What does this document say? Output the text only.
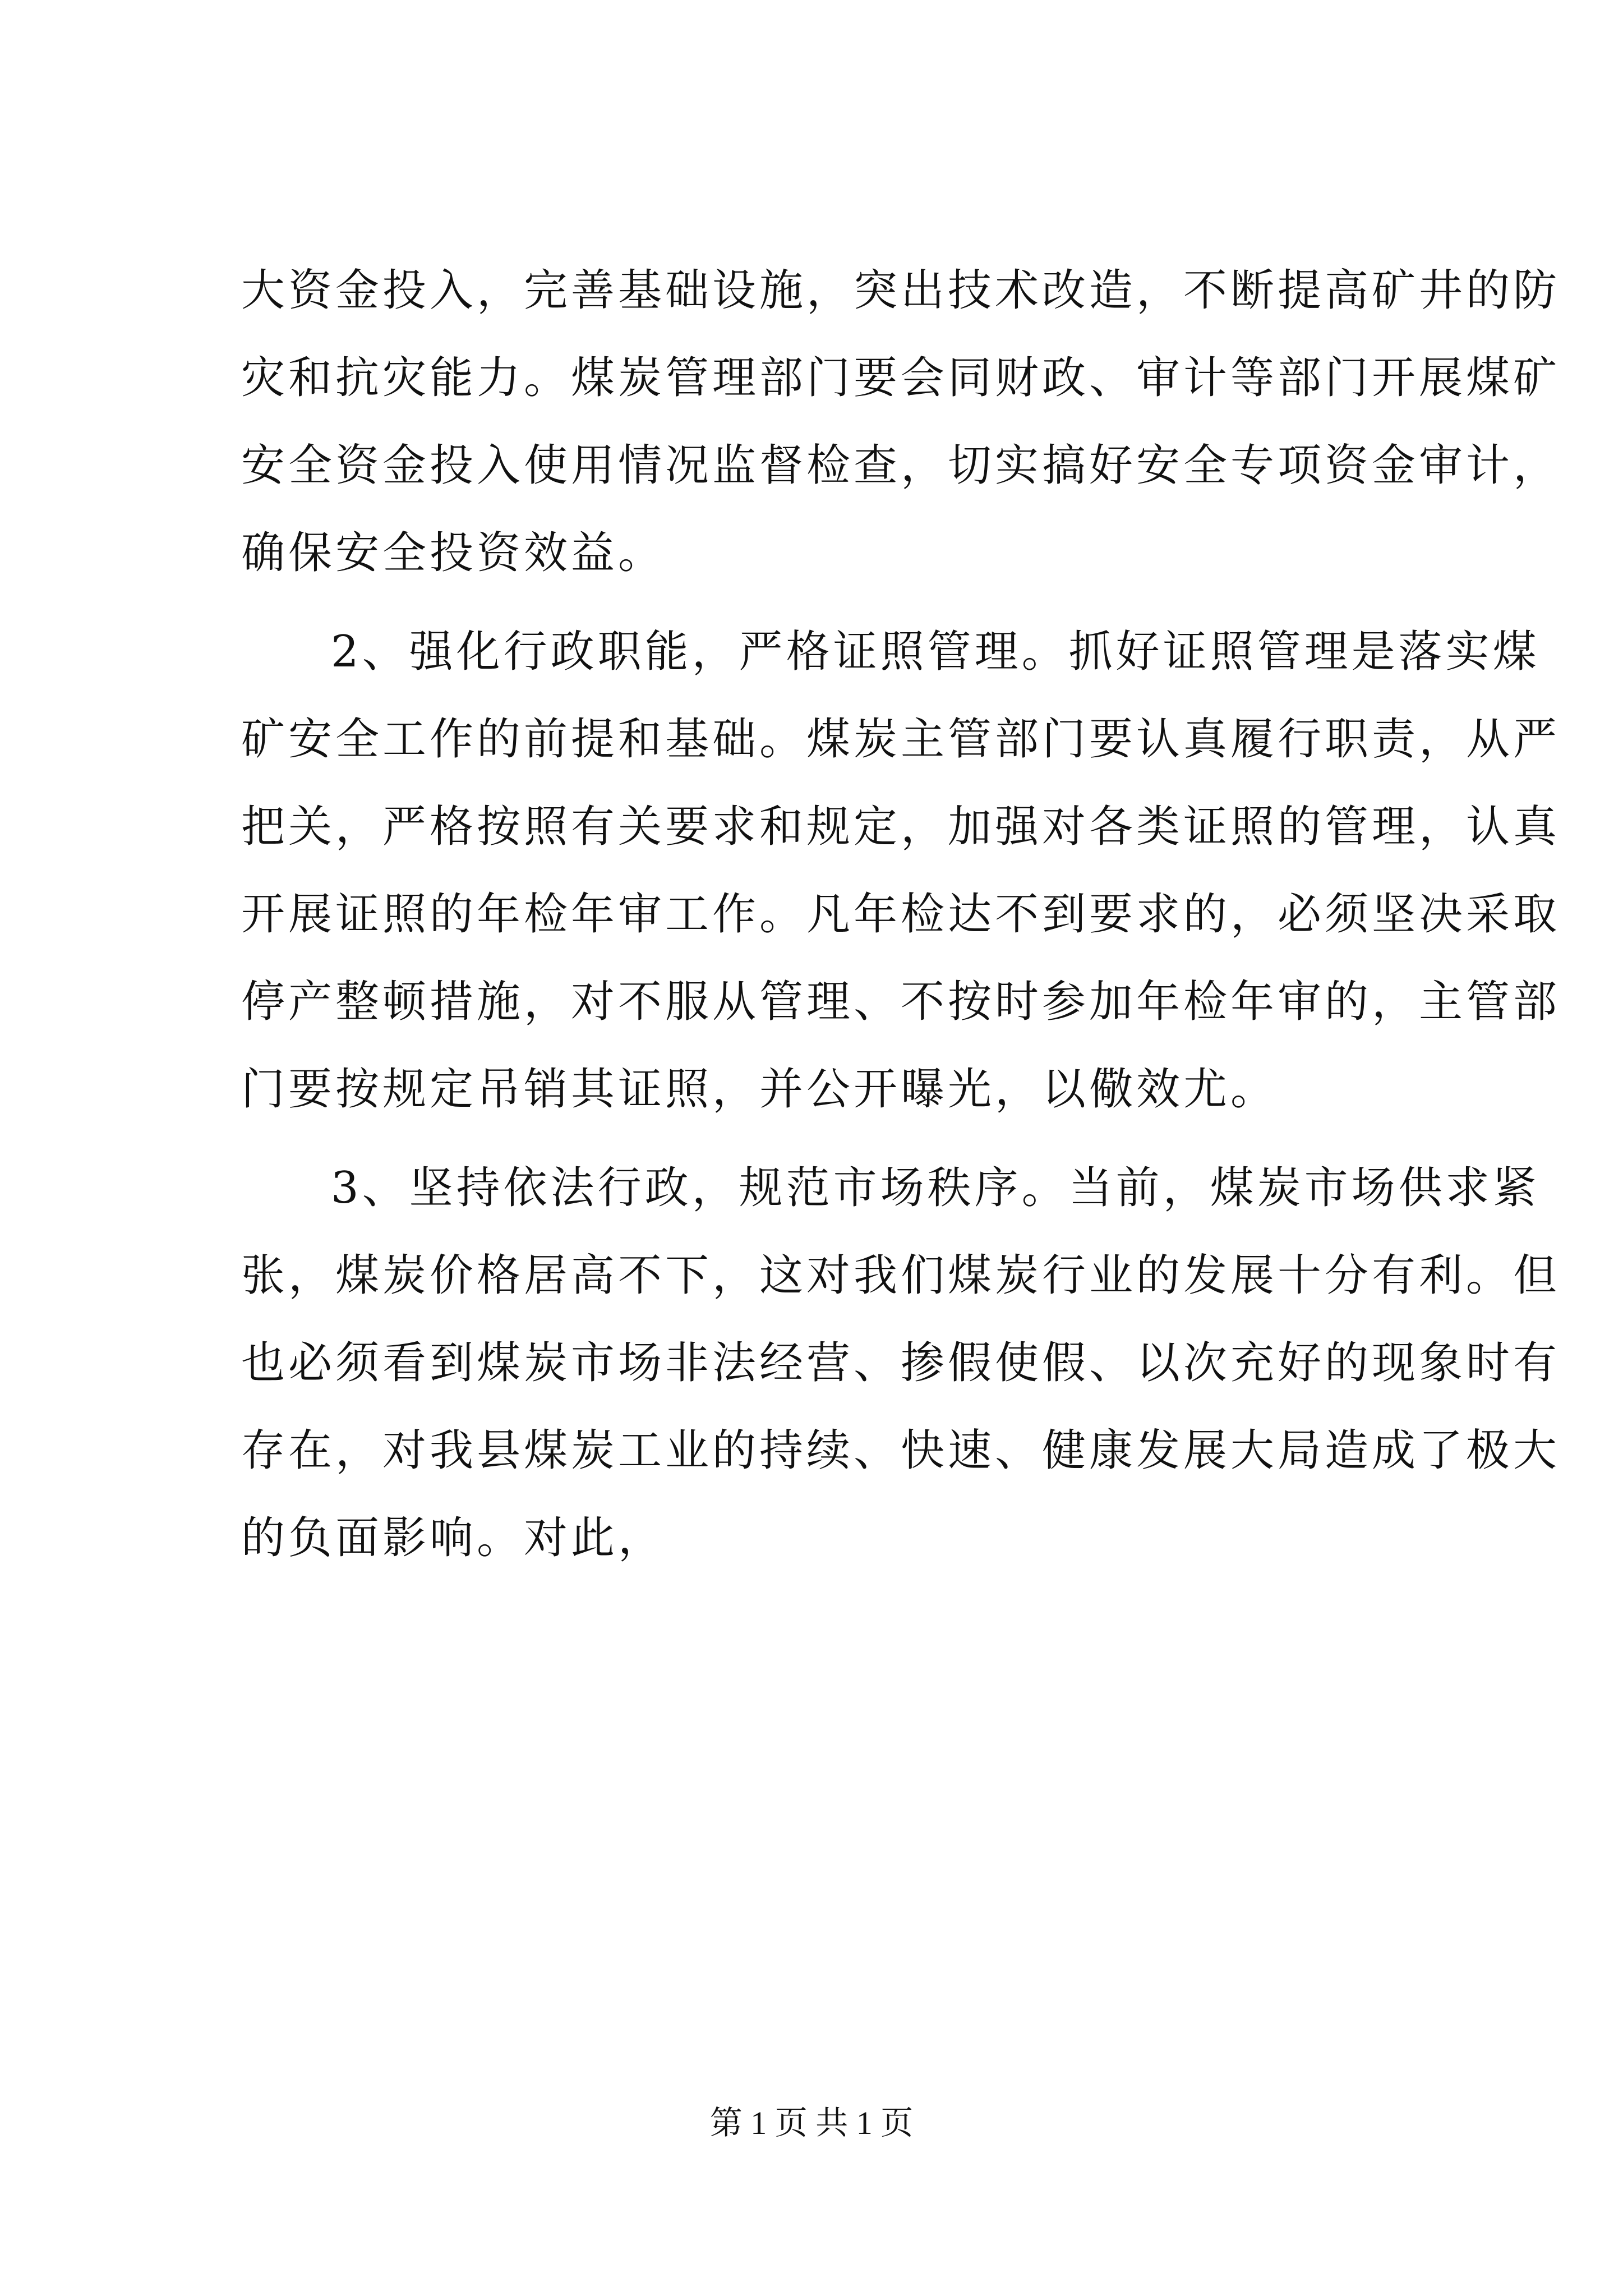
大资金投入，完善基础设施，突出技术改造，不断提高矿井的防
灾和抗灾能力。煤炭管理部门要会同财政、审计等部门开展煤矿
安全资金投入使用情况监督检查，切实搞好安全专项资金审计，
确保安全投资效益。
2、强化行政职能，严格证照管理。抓好证照管理是落实煤
矿安全工作的前提和基础。煤炭主管部门要认真履行职责，从严
把关，严格按照有关要求和规定，加强对各类证照的管理，认真
开展证照的年检年审工作。凡年检达不到要求的，必须坚决采取
停产整顿措施，对不服从管理、不按时参加年检年审的，主管部
门要按规定吊销其证照，并公开曝光，以儆效尤。
3、坚持依法行政，规范市场秩序。当前，煤炭市场供求紧
张，煤炭价格居高不下，这对我们煤炭行业的发展十分有利。但
也必须看到煤炭市场非法经营、掺假使假、以次充好的现象时有
存在，对我县煤炭工业的持续、快速、健康发展大局造成了极大
的负面影响。对此，
第 1 页 共 1 页
